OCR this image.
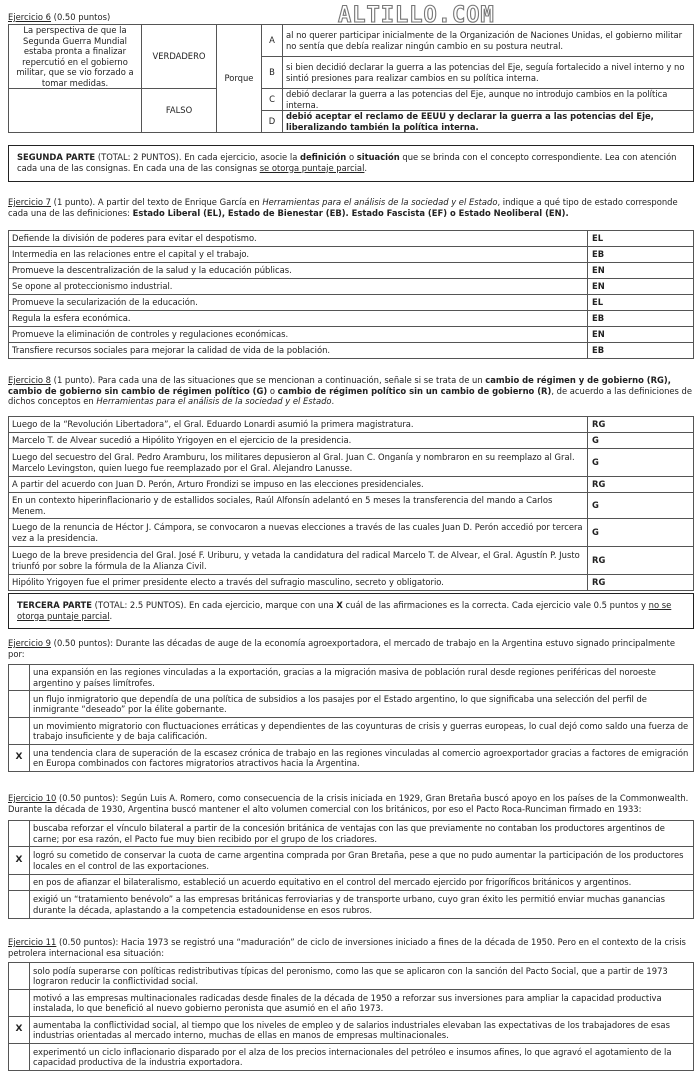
ALTILLO.COM
Ejercicio 6 (0.50 puntos)
La perspectiva de que la Segunda Guerra Mundial estaba pronta a finalizar repercutió en el gobierno militar, que se vio forzado a tomar medidas.	VERDADERO	Porque	A	al no querer participar inicialmente de la Organización de Naciones Unidas, el gobierno militar no sentía que debía realizar ningún cambio en su postura neutral.
			B	si bien decidió declarar la guerra a las potencias del Eje, seguía fortalecido a nivel interno y no sintió presiones para realizar cambios en su política interna.
	FALSO		C	debió declarar la guerra a las potencias del Eje, aunque no introdujo cambios en la política interna.
			D	debió aceptar el reclamo de EEUU y declarar la guerra a las potencias del Eje, liberalizando también la política interna.
SEGUNDA PARTE (TOTAL: 2 PUNTOS). En cada ejercicio, asocie la definición o situación que se brinda con el concepto correspondiente. Lea con atención cada una de las consignas. En cada una de las consignas se otorga puntaje parcial.
Ejercicio 7 (1 punto). A partir del texto de Enrique García en Herramientas para el análisis de la sociedad y el Estado, indique a qué tipo de estado corresponde cada una de las definiciones: Estado Liberal (EL), Estado de Bienestar (EB). Estado Fascista (EF) o Estado Neoliberal (EN).
Defiende la división de poderes para evitar el despotismo.	EL
Intermedia en las relaciones entre el capital y el trabajo.	EB
Promueve la descentralización de la salud y la educación públicas.	EN
Se opone al proteccionismo industrial.	EN
Promueve la secularización de la educación.	EL
Regula la esfera económica.	EB
Promueve la eliminación de controles y regulaciones económicas.	EN
Transfiere recursos sociales para mejorar la calidad de vida de la población.	EB
Ejercicio 8 (1 punto). Para cada una de las situaciones que se mencionan a continuación, señale si se trata de un cambio de régimen y de gobierno (RG), cambio de gobierno sin cambio de régimen político (G) o cambio de régimen político sin un cambio de gobierno (R), de acuerdo a las definiciones de dichos conceptos en Herramientas para el análisis de la sociedad y el Estado.
Luego de la “Revolución Libertadora”, el Gral. Eduardo Lonardi asumió la primera magistratura.	RG
Marcelo T. de Alvear sucedió a Hipólito Yrigoyen en el ejercicio de la presidencia.	G
Luego del secuestro del Gral. Pedro Aramburu, los militares depusieron al Gral. Juan C. Onganía y nombraron en su reemplazo al Gral. Marcelo Levingston, quien luego fue reemplazado por el Gral. Alejandro Lanusse.	G
A partir del acuerdo con Juan D. Perón, Arturo Frondizi se impuso en las elecciones presidenciales.	RG
En un contexto hiperinflacionario y de estallidos sociales, Raúl Alfonsín adelantó en 5 meses la transferencia del mando a Carlos Menem.	G
Luego de la renuncia de Héctor J. Cámpora, se convocaron a nuevas elecciones a través de las cuales Juan D. Perón accedió por tercera vez a la presidencia.	G
Luego de la breve presidencia del Gral. José F. Uriburu, y vetada la candidatura del radical Marcelo T. de Alvear, el Gral. Agustín P. Justo triunfó por sobre la fórmula de la Alianza Civil.	RG
Hipólito Yrigoyen fue el primer presidente electo a través del sufragio masculino, secreto y obligatorio.	RG
TERCERA PARTE (TOTAL: 2.5 PUNTOS). En cada ejercicio, marque con una X cuál de las afirmaciones es la correcta. Cada ejercicio vale 0.5 puntos y no se otorga puntaje parcial.
Ejercicio 9 (0.50 puntos): Durante las décadas de auge de la economía agroexportadora, el mercado de trabajo en la Argentina estuvo signado principalmente por:
	una expansión en las regiones vinculadas a la exportación, gracias a la migración masiva de población rural desde regiones periféricas del noroeste argentino y países limítrofes.
	un flujo inmigratorio que dependía de una política de subsidios a los pasajes por el Estado argentino, lo que significaba una selección del perfil de inmigrante “deseado” por la élite gobernante.
	un movimiento migratorio con fluctuaciones erráticas y dependientes de las coyunturas de crisis y guerras europeas, lo cual dejó como saldo una fuerza de trabajo insuficiente y de baja calificación.
X	una tendencia clara de superación de la escasez crónica de trabajo en las regiones vinculadas al comercio agroexportador gracias a factores de emigración en Europa combinados con factores migratorios atractivos hacia la Argentina.
Ejercicio 10 (0.50 puntos): Según Luis A. Romero, como consecuencia de la crisis iniciada en 1929, Gran Bretaña buscó apoyo en los países de la Commonwealth. Durante la década de 1930, Argentina buscó mantener el alto volumen comercial con los británicos, por eso el Pacto Roca-Runciman firmado en 1933:
	buscaba reforzar el vínculo bilateral a partir de la concesión británica de ventajas con las que previamente no contaban los productores argentinos de carne; por esa razón, el Pacto fue muy bien recibido por el grupo de los criadores.
X	logró su cometido de conservar la cuota de carne argentina comprada por Gran Bretaña, pese a que no pudo aumentar la participación de los productores locales en el control de las exportaciones.
	en pos de afianzar el bilateralismo, estableció un acuerdo equitativo en el control del mercado ejercido por frigoríficos británicos y argentinos.
	exigió un “tratamiento benévolo” a las empresas británicas ferroviarias y de transporte urbano, cuyo gran éxito les permitió enviar muchas ganancias durante la década, aplastando a la competencia estadounidense en esos rubros.
Ejercicio 11 (0.50 puntos): Hacia 1973 se registró una “maduración” de ciclo de inversiones iniciado a fines de la década de 1950. Pero en el contexto de la crisis petrolera internacional esa situación:
	solo podía superarse con políticas redistributivas típicas del peronismo, como las que se aplicaron con la sanción del Pacto Social, que a partir de 1973 lograron reducir la conflictividad social.
	motivó a las empresas multinacionales radicadas desde finales de la década de 1950 a reforzar sus inversiones para ampliar la capacidad productiva instalada, lo que benefició al nuevo gobierno peronista que asumió en el año 1973.
X	aumentaba la conflictividad social, al tiempo que los niveles de empleo y de salarios industriales elevaban las expectativas de los trabajadores de esas industrias orientadas al mercado interno, muchas de ellas en manos de empresas multinacionales.
	experimentó un ciclo inflacionario disparado por el alza de los precios internacionales del petróleo e insumos afines, lo que agravó el agotamiento de la capacidad productiva de la industria exportadora.
